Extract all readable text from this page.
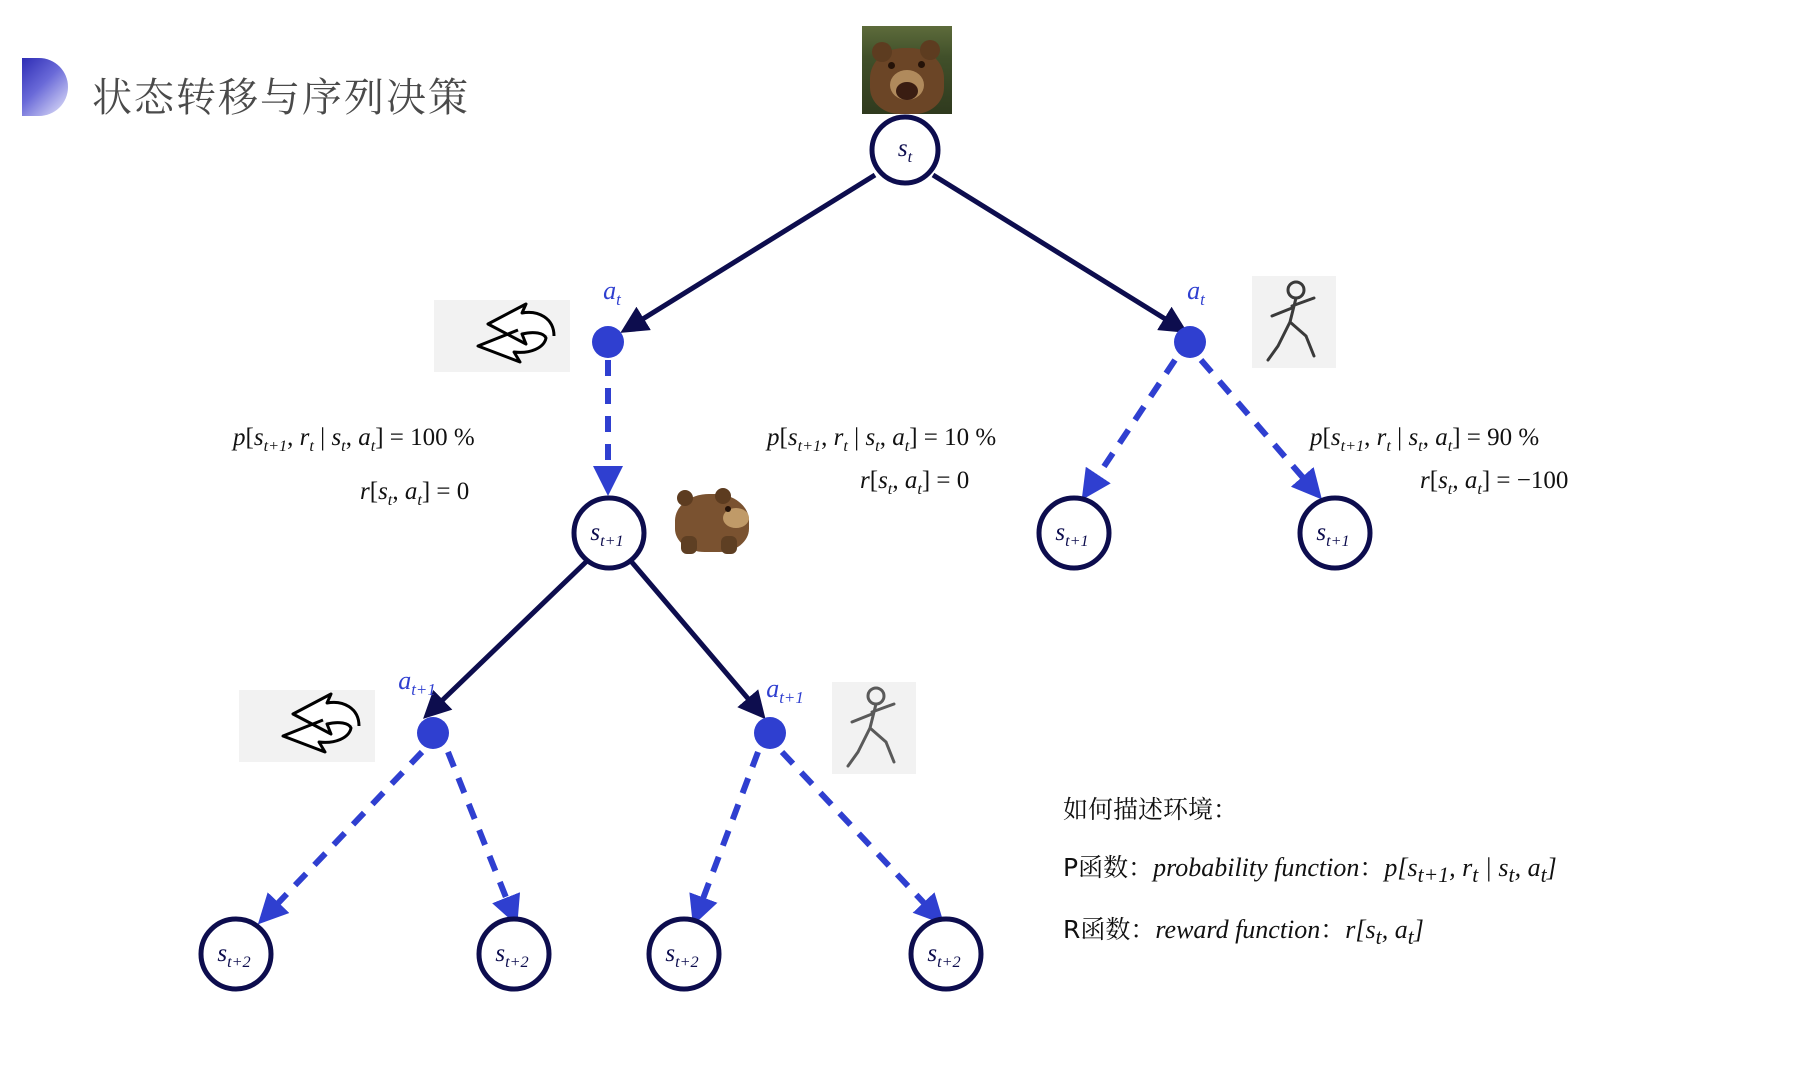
状态转移与序列决策
$s_t$
$s_{t+1}$	$s_{t+1}$	$s_{t+1}$
$s_{t+2}$	$s_{t+2}$	$s_{t+2}$	$s_{t+2}$
$a_t$	$a_t$
$a_{t+1}$	$a_{t+1}$
$p[s_{t+1}$, $r_t$ | $s_t$, $a_t] = 100$ %
$r[s_t$, $a_t] = 0$
$p[s_{t+1}$, $r_t$ | $s_t$, $a_t] = 10$ %
$r[s_t$, $a_t] = 0$
$p[s_{t+1}$, $r_t$ | $s_t$, $a_t] = 90$ %
$r[s_t$, $a_t] = -100$
如何描述环境：
P函数：probability function：$p[s_{t+1}$, $r_t$ | $s_t$, $a_t$]
R函数：reward function：$r[s_t$, $a_t$]
